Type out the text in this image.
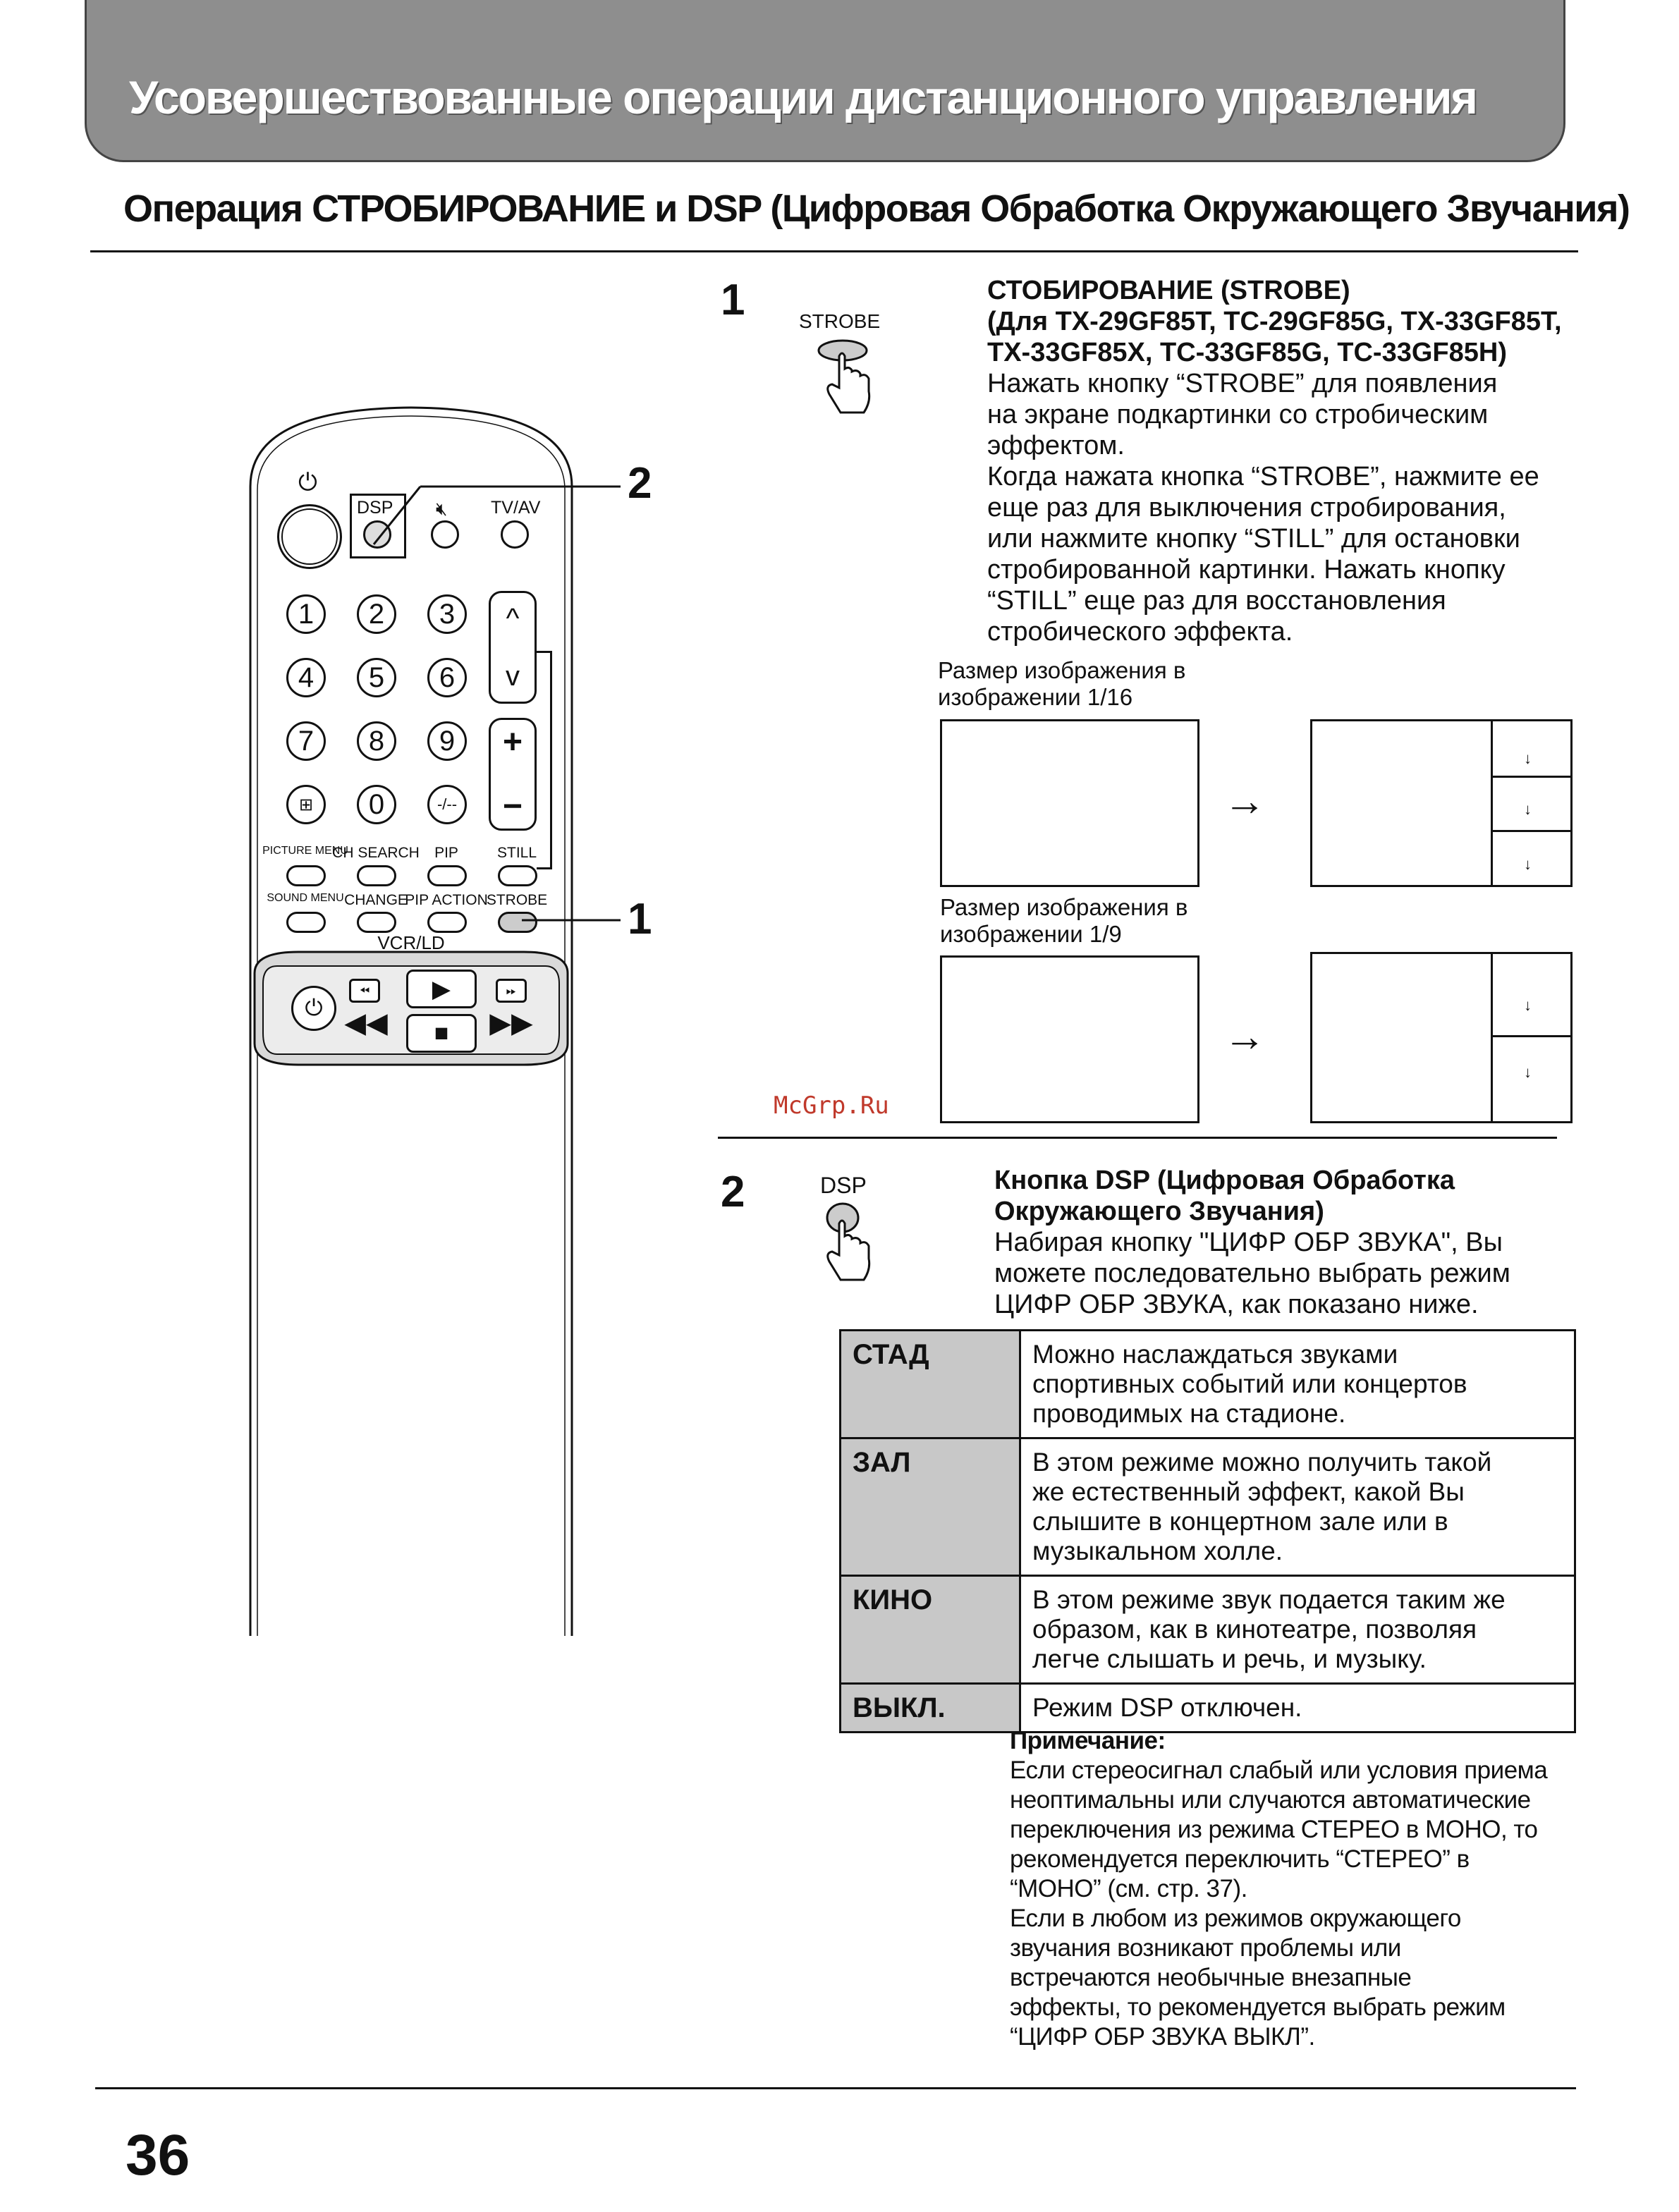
Усовершествованные операции дистанционного управления
Операция СТРОБИРОВАНИЕ и DSP (Цифровая Обработка Окружающего Звучания)
⏻
DSP 🔇︎ TV/AV
1	2	3
4	5	6
7	8	9
⊞	0	-/--
^
v
+
−
PICTURE MENU
CH SEARCH PIP	STILL
SOUND MENU CHANGE
PIP ACTION
STROBE
VCR/LD
⏻
⏪︎
◀◀
▶
■
⏩︎
▶▶
2
1
1	STROBE
СТОБИРОВАНИЕ (STROBE)
(Для TX-29GF85T, TC-29GF85G, TX-33GF85T,
TX-33GF85X, TC-33GF85G, TC-33GF85H)
Нажать кнопку “STROBE” для появления
на экране подкартинки со стробическим
эффектом.
Когда нажата кнопка “STROBE”, нажмите ее
еще раз для выключения стробирования,
или нажмите кнопку “STILL” для остановки
стробированной картинки. Нажать кнопку
“STILL” еще раз для восстановления
стробического эффекта.
Размер изображения в
изображении 1/16
→
↓
↓
↓
Размер изображения в
изображении 1/9
→
↓
↓
McGrp.Ru
2	DSP	Кнопка DSP (Цифровая Обработка
Окружающего Звучания)
Набирая кнопку "ЦИФР ОБР ЗВУКА", Вы
можете последовательно выбрать режим
ЦИФР ОБР ЗВУКА, как показано ниже.
СТАД	Можно наслаждаться звуками
спортивных событий или концертов
проводимых на стадионе.

ЗАЛ	В этом режиме можно получить такой
же естественный эффект, какой Вы
слышите в концертном зале или в
музыкальном холле.

КИНО	В этом режиме звук подается таким же
образом, как в кинотеатре, позволяя
легче слышать и речь, и музыку.

ВЫКЛ.	Режим DSP отключен.
Примечание:
Если стереосигнал слабый или условия приема
неоптимальны или случаются автоматические
переключения из режима СТЕРЕО в МОНО, то
рекомендуется переключить “СТЕРЕО” в
“МОНО” (см. стр. 37).
Если в любом из режимов окружающего
звучания возникают проблемы или
встречаются необычные внезапные
эффекты, то рекомендуется выбрать режим
“ЦИФР ОБР ЗВУКА ВЫКЛ”.
36
